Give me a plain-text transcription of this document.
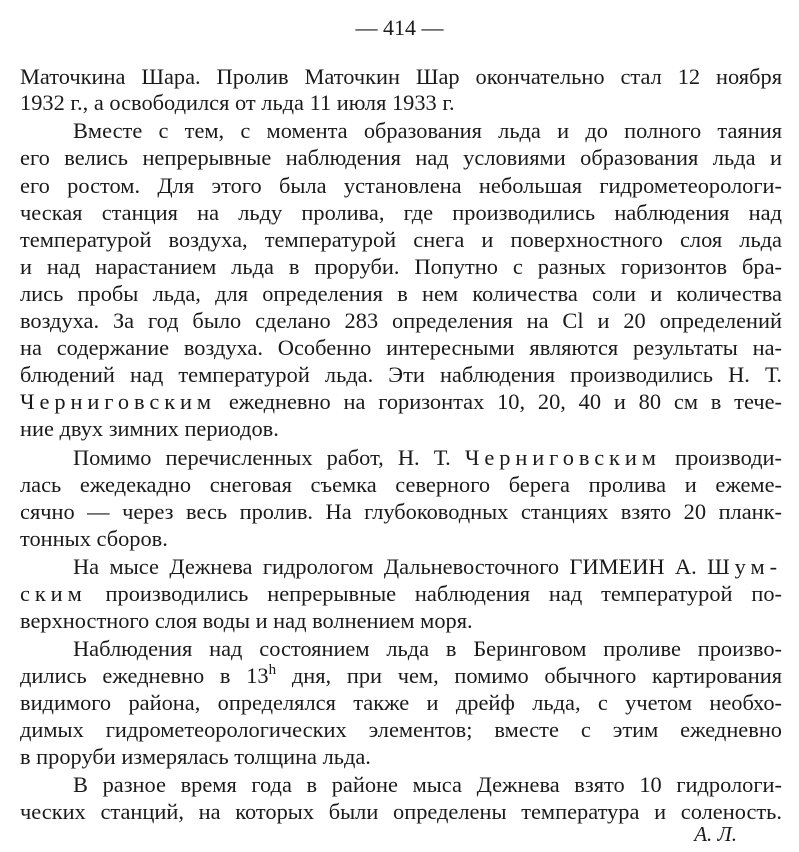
— 414 —
Маточкина Шара. Пролив Маточкин Шар окончательно стал 12 ноября
1932 г., а освободился от льда 11 июля 1933 г.
Вместе с тем, с момента образования льда и до полного таяния
его велись непрерывные наблюдения над условиями образования льда и
его ростом. Для этого была установлена небольшая гидрометеорологи-
ческая станция на льду пролива, где производились наблюдения над
температурой воздуха, температурой снега и поверхностного слоя льда
и над нарастанием льда в проруби. Попутно с разных горизонтов бра-
лись пробы льда, для определения в нем количества соли и количества
воздуха. За год было сделано 283 определения на Cl и 20 определений
на содержание воздуха. Особенно интересными являются результаты на-
блюдений над температурой льда. Эти наблюдения производились Н. Т.
Черниговским ежедневно на горизонтах 10, 20, 40 и 80 см в тече-
ние двух зимних периодов.
Помимо перечисленных работ, Н. Т. Черниговским производи-
лась ежедекадно снеговая съемка северного берега пролива и ежеме-
сячно — через весь пролив. На глубоководных станциях взято 20 планк-
тонных сборов.
На мысе Дежнева гидрологом Дальневосточного ГИМЕИН А. Шум-
ским производились непрерывные наблюдения над температурой по-
верхностного слоя воды и над волнением моря.
Наблюдения над состоянием льда в Беринговом проливе произво-
дились ежедневно в 13$^h$ дня, при чем, помимо обычного картирования
видимого района, определялся также и дрейф льда, с учетом необхо-
димых гидрометеорологических элементов; вместе с этим ежедневно
в проруби измерялась толщина льда.
В разное время года в районе мыса Дежнева взято 10 гидрологи-
ческих станций, на которых были определены температура и соленость.
А. Л.
